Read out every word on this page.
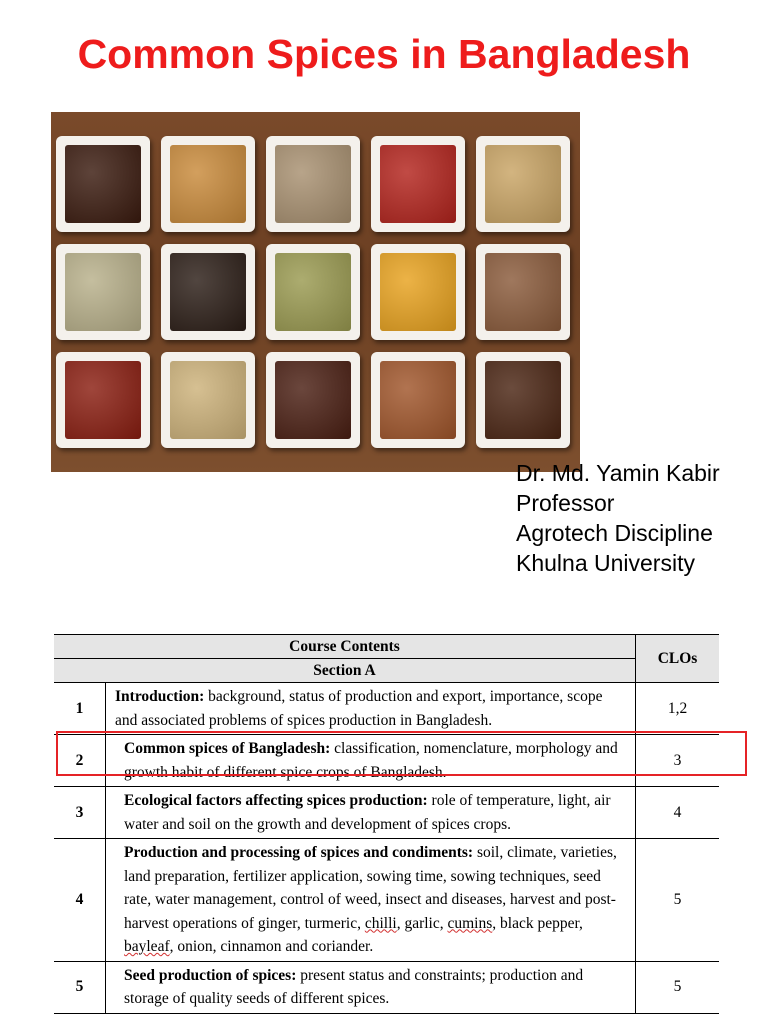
Common Spices in Bangladesh
Dr. Md. Yamin Kabir
Professor
Agrotech Discipline
Khulna University
Course Contents		CLOs
Section A		
1	Introduction: background, status of production and export, importance, scope and associated problems of spices production in Bangladesh.	1,2
2	Common spices of Bangladesh: classification, nomenclature, morphology and growth habit of different spice crops of Bangladesh.	3
3	Ecological factors affecting spices production: role of temperature, light, air water and soil on the growth and development of spices crops.	4
4	Production and processing of spices and condiments: soil, climate, varieties, land preparation, fertilizer application, sowing time, sowing techniques, seed rate, water management, control of weed, insect and diseases, harvest and post-harvest operations of ginger, turmeric, chilli, garlic, cumins, black pepper, bayleaf, onion, cinnamon and coriander.	5
5	Seed production of spices: present status and constraints; production and storage of quality seeds of different spices.	5
